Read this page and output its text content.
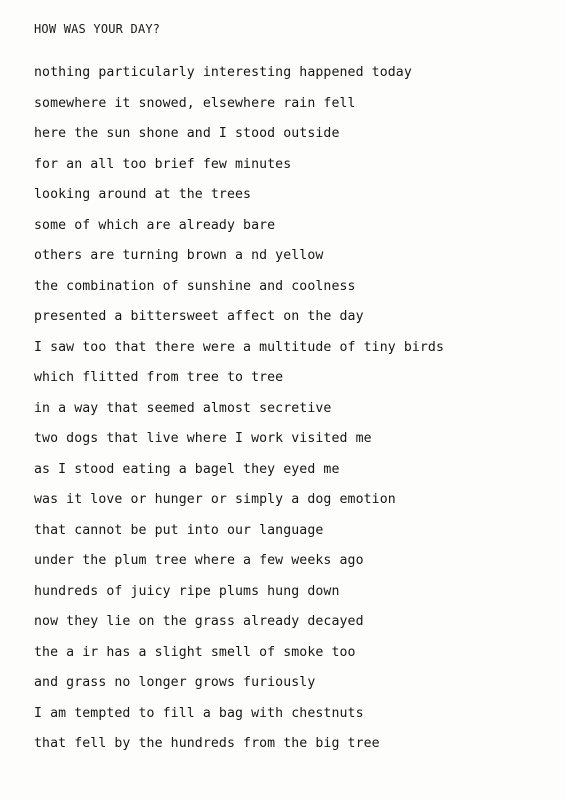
HOW WAS YOUR DAY?
nothing particularly interesting happened today
somewhere it snowed, elsewhere rain fell
here the sun shone and I stood outside
for an all too brief few minutes
looking around at the trees
some of which are already bare
others are turning brown a nd yellow
the combination of sunshine and coolness
presented a bittersweet affect on the day
I saw too that there were a multitude of tiny birds
which flitted from tree to tree
in a way that seemed almost secretive
two dogs that live where I work visited me
as I stood eating a bagel they eyed me
was it love or hunger or simply a dog emotion
that cannot be put into our language
under the plum tree where a few weeks ago
hundreds of juicy ripe plums hung down
now they lie on the grass already decayed
the a ir has a slight smell of smoke too
and grass no longer grows furiously
I am tempted to fill a bag with chestnuts
that fell by the hundreds from the big tree
